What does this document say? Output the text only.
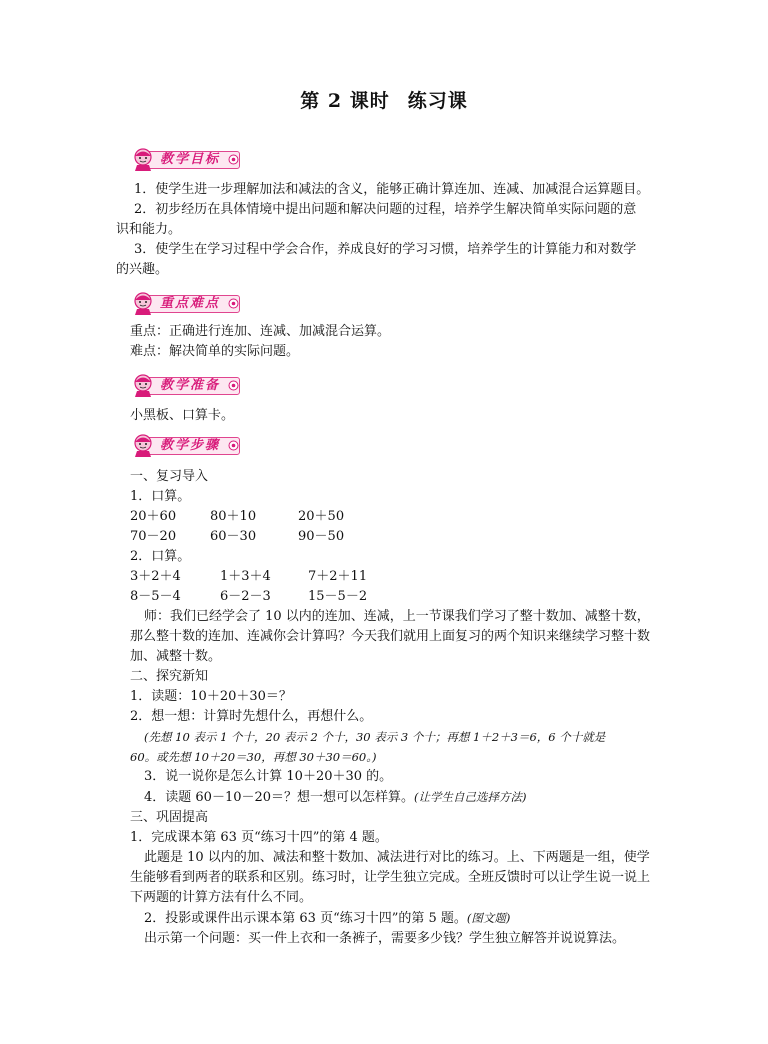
第 2 课时 练习课
教学目标
1．使学生进一步理解加法和减法的含义，能够正确计算连加、连减、加减混合运算题目。
2．初步经历在具体情境中提出问题和解决问题的过程，培养学生解决简单实际问题的意
识和能力。
3．使学生在学习过程中学会合作，养成良好的学习习惯，培养学生的计算能力和对数学
的兴趣。
重点难点
重点：正确进行连加、连减、加减混合运算。
难点：解决简单的实际问题。
教学准备
小黑板、口算卡。
教学步骤
一、复习导入
1．口算。
20＋60	80＋10	20＋50
70－20	60－30	90－50
2．口算。
3＋2＋4	1＋3＋4	7＋2＋11
8－5－4	6－2－3	15－5－2
师：我们已经学会了 10 以内的连加、连减，上一节课我们学习了整十数加、减整十数，
那么整十数的连加、连减你会计算吗？今天我们就用上面复习的两个知识来继续学习整十数
加、减整十数。
二、探究新知
1．读题：10＋20＋30＝？
2．想一想：计算时先想什么，再想什么。
(先想 10 表示 1 个十，20 表示 2 个十，30 表示 3 个十；再想 1＋2＋3＝6，6 个十就是
60。或先想 10＋20＝30，再想 30＋30＝60。)
3．说一说你是怎么计算 10＋20＋30 的。
4．读题 60－10－20＝？想一想可以怎样算。(让学生自己选择方法)
三、巩固提高
1．完成课本第 63 页“练习十四”的第 4 题。
此题是 10 以内的加、减法和整十数加、减法进行对比的练习。上、下两题是一组，使学
生能够看到两者的联系和区别。练习时，让学生独立完成。全班反馈时可以让学生说一说上
下两题的计算方法有什么不同。
2．投影或课件出示课本第 63 页“练习十四”的第 5 题。(图文题)
出示第一个问题：买一件上衣和一条裤子，需要多少钱？学生独立解答并说说算法。
